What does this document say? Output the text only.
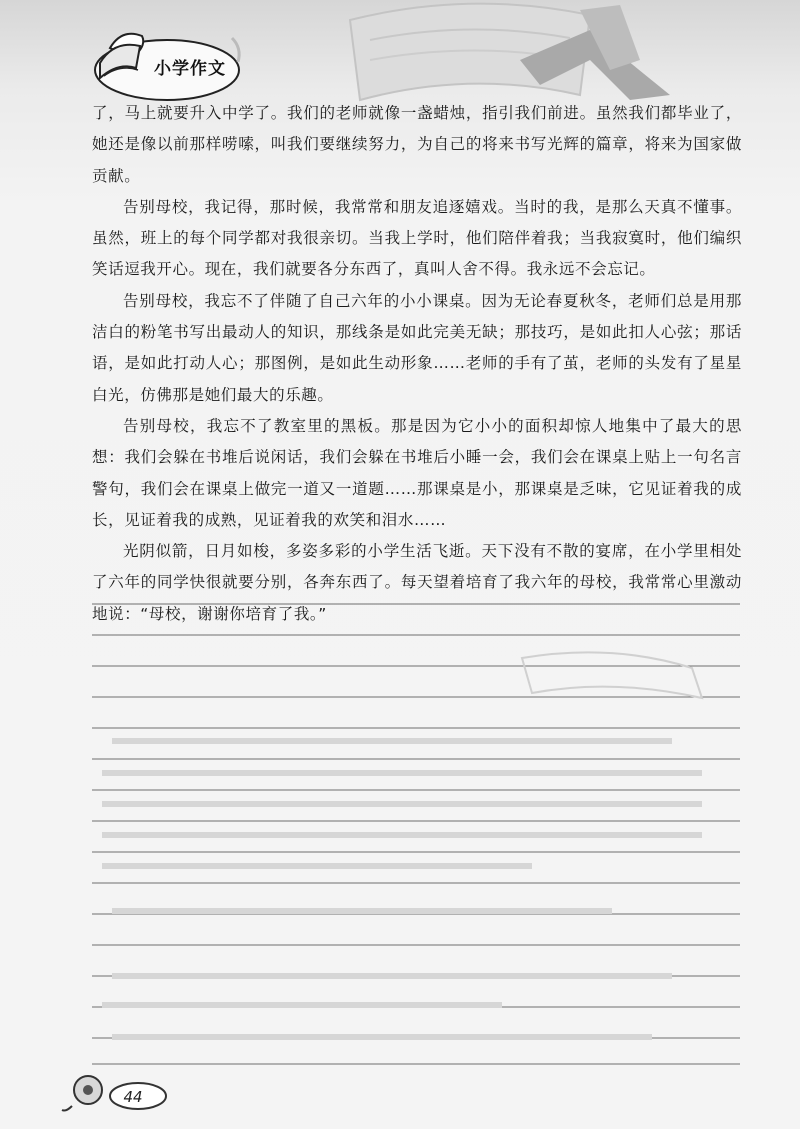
小学作文

了，马上就要升入中学了。我们的老师就像一盏蜡烛，指引我们前进。虽然我们都毕业了，她还是像以前那样唠嗦，叫我们要继续努力，为自己的将来书写光辉的篇章，将来为国家做贡献。

告别母校，我记得，那时候，我常常和朋友追逐嬉戏。当时的我，是那么天真不懂事。虽然，班上的每个同学都对我很亲切。当我上学时，他们陪伴着我；当我寂寞时，他们编织笑话逗我开心。现在，我们就要各分东西了，真叫人舍不得。我永远不会忘记。

告别母校，我忘不了伴随了自己六年的小小课桌。因为无论春夏秋冬，老师们总是用那洁白的粉笔书写出最动人的知识，那线条是如此完美无缺；那技巧，是如此扣人心弦；那话语，是如此打动人心；那图例，是如此生动形象……老师的手有了茧，老师的头发有了星星白光，仿佛那是她们最大的乐趣。

告别母校，我忘不了教室里的黑板。那是因为它小小的面积却惊人地集中了最大的思想：我们会躲在书堆后说闲话，我们会躲在书堆后小睡一会，我们会在课桌上贴上一句名言警句，我们会在课桌上做完一道又一道题……那课桌是小，那课桌是乏味，它见证着我的成长，见证着我的成熟，见证着我的欢笑和泪水……

光阴似箭，日月如梭，多姿多彩的小学生活飞逝。天下没有不散的宴席，在小学里相处了六年的同学快很就要分别，各奔东西了。每天望着培育了我六年的母校，我常常心里激动地说：“母校，谢谢你培育了我。”

44
